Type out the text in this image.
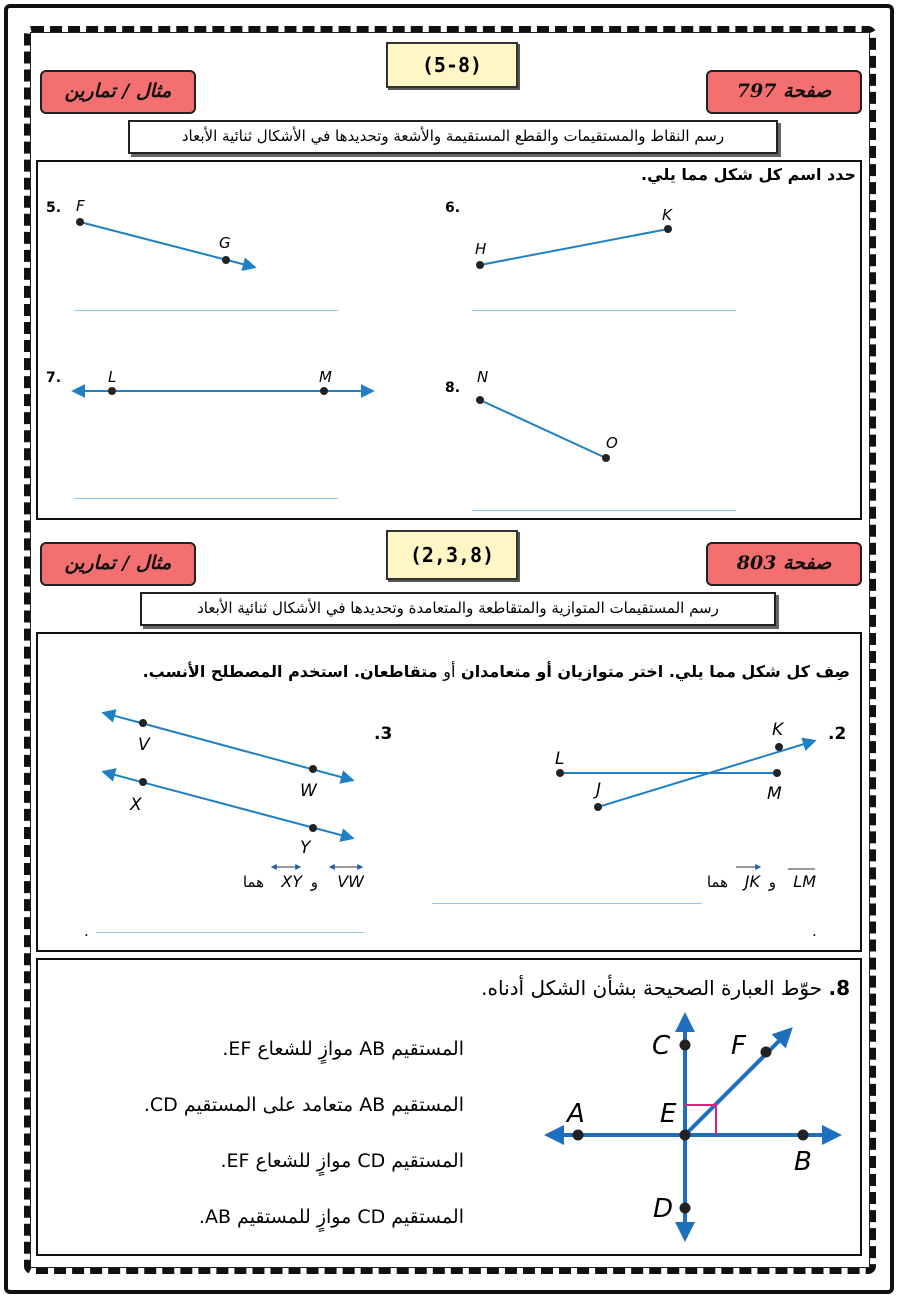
(5-8)
صفحة 797
مثال / تمارين
رسم النقاط والمستقيمات والقطع المستقيمة والأشعة وتحديدها في الأشكال ثنائية الأبعاد
حدد اسم كل شكل مما يلي.
5. F
G
6.
H
K
7.	L	M
8.
N
O
(2,3,8)	صفحة 803
مثال / تمارين
رسم المستقيمات المتوازية والمتقاطعة والمتعامدة وتحديدها في الأشكال ثنائية الأبعاد
صِف كل شكل مما يلي. اختر متوازيان أو متعامدان أو متقاطعان. استخدم المصطلح الأنسب.
.3
V
W
X
Y
.2
K
L
M
J
VW
و
XY
هما	LM
و
JK
هما
.	.
8. حوّط العبارة الصحيحة بشأن الشكل أدناه.
المستقيم AB موازٍ للشعاع EF.
المستقيم AB متعامد على المستقيم CD.
المستقيم CD موازٍ للشعاع EF.
المستقيم CD موازٍ للمستقيم AB.
C F
A	E
B
D
